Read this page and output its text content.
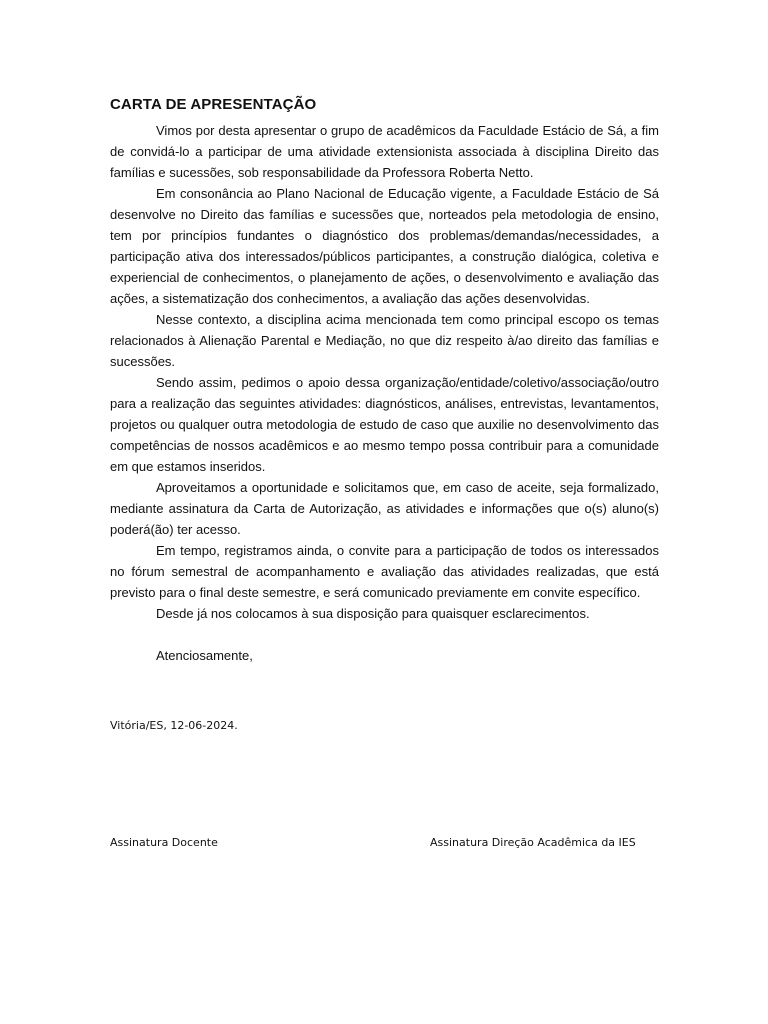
CARTA DE APRESENTAÇÃO

Vimos por desta apresentar o grupo de acadêmicos da Faculdade Estácio de Sá, a fim de convidá-lo a participar de uma atividade extensionista associada à disciplina Direito das famílias e sucessões, sob responsabilidade da Professora Roberta Netto.

Em consonância ao Plano Nacional de Educação vigente, a Faculdade Estácio de Sá desenvolve no Direito das famílias e sucessões que, norteados pela metodologia de ensino, tem por princípios fundantes o diagnóstico dos problemas/demandas/necessidades, a participação ativa dos interessados/públicos participantes, a construção dialógica, coletiva e experiencial de conhecimentos, o planejamento de ações, o desenvolvimento e avaliação das ações, a sistematização dos conhecimentos, a avaliação das ações desenvolvidas.

Nesse contexto, a disciplina acima mencionada tem como principal escopo os temas relacionados à Alienação Parental e Mediação, no que diz respeito à/ao direito das famílias e sucessões.

Sendo assim, pedimos o apoio dessa organização/entidade/coletivo/associação/outro para a realização das seguintes atividades: diagnósticos, análises, entrevistas, levantamentos, projetos ou qualquer outra metodologia de estudo de caso que auxilie no desenvolvimento das competências de nossos acadêmicos e ao mesmo tempo possa contribuir para a comunidade em que estamos inseridos.

Aproveitamos a oportunidade e solicitamos que, em caso de aceite, seja formalizado, mediante assinatura da Carta de Autorização, as atividades e informações que o(s) aluno(s) poderá(ão) ter acesso.

Em tempo, registramos ainda, o convite para a participação de todos os interessados no fórum semestral de acompanhamento e avaliação das atividades realizadas, que está previsto para o final deste semestre, e será comunicado previamente em convite específico.

Desde já nos colocamos à sua disposição para quaisquer esclarecimentos.

Atenciosamente,

Vitória/ES, 12-06-2024.
Assinatura Docente	Assinatura Direção Acadêmica da IES
